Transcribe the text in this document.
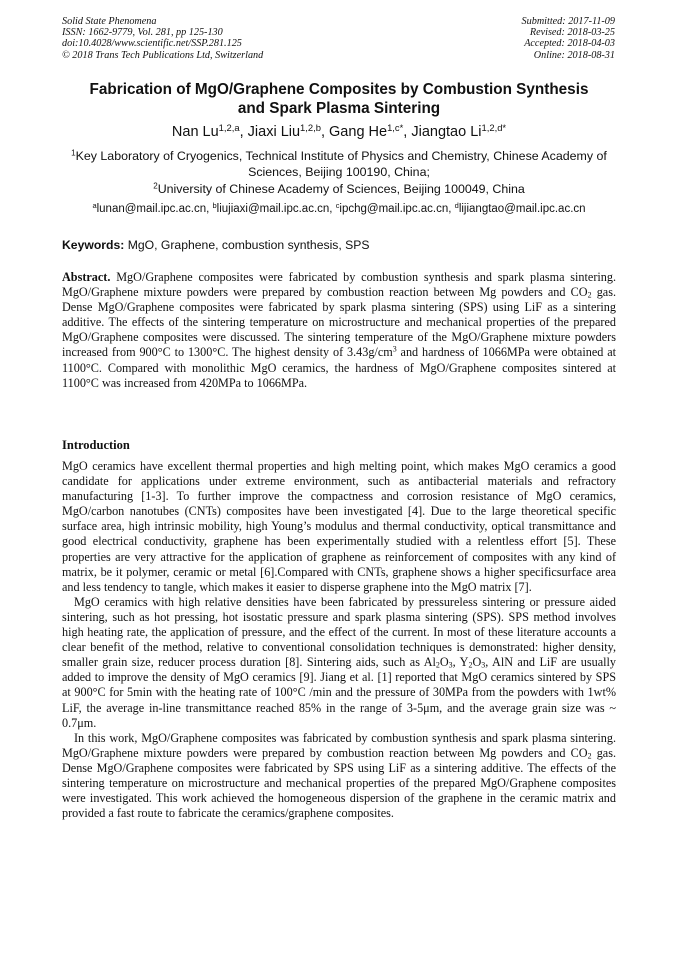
Solid State Phenomena
ISSN: 1662-9779, Vol. 281, pp 125-130
doi:10.4028/www.scientific.net/SSP.281.125
© 2018 Trans Tech Publications Ltd, Switzerland
Submitted: 2017-11-09
Revised: 2018-03-25
Accepted: 2018-04-03
Online: 2018-08-31
Fabrication of MgO/Graphene Composites by Combustion Synthesis
and Spark Plasma Sintering
Nan Lu$^{1,2,a}$, Jiaxi Liu$^{1,2,b}$, Gang $He^{1,c*}$, Jiangtao $Li^{1,2,d*}$
$^1$Key Laboratory of Cryogenics, Technical Institute of Physics and Chemistry, Chinese Academy of Sciences, Beijing 100190, China;
$^2$University of Chinese Academy of Sciences, Beijing 100049, China
$^a$lunan@mail.ipc.ac.cn, $^b$liujiaxi@mail.ipc.ac.cn, $^c$ipchg@mail.ipc.ac.cn, $^d$lijiangtao@mail.ipc.ac.cn
Keywords: MgO, Graphene, combustion synthesis, SPS
Abstract. MgO/Graphene composites were fabricated by combustion synthesis and spark plasma sintering. MgO/Graphene mixture powders were prepared by combustion reaction between Mg powders and $CO_2$ gas. Dense MgO/Graphene composites were fabricated by spark plasma sintering (SPS) using LiF as a sintering additive. The effects of the sintering temperature on microstructure and mechanical properties of the prepared MgO/Graphene composites were discussed. The sintering temperature of the MgO/Graphene mixture powders increased from 900°C to 1300°C. The highest density of $3.43g/cm^3$ and hardness of 1066MPa were obtained at 1100°C. Compared with monolithic MgO ceramics, the hardness of MgO/Graphene composites sintered at 1100°C was increased from 420MPa to 1066MPa.
Introduction

MgO ceramics have excellent thermal properties and high melting point, which makes MgO ceramics a good candidate for applications under extreme environment, such as antibacterial materials and refractory manufacturing [1-3]. To further improve the compactness and corrosion resistance of MgO ceramics, MgO/carbon nanotubes (CNTs) composites have been investigated [4]. Due to the large theoretical specific surface area, high intrinsic mobility, high Young’s modulus and thermal conductivity, optical transmittance and good electrical conductivity, graphene has been experimentally studied with a relentless effort [5]. These properties are very attractive for the application of graphene as reinforcement of composites with any kind of matrix, be it polymer, ceramic or metal [6].Compared with CNTs, graphene shows a higher specificsurface area and less tendency to tangle, which makes it easier to disperse graphene into the MgO matrix [7].

MgO ceramics with high relative densities have been fabricated by pressureless sintering or pressure aided sintering, such as hot pressing, hot isostatic pressure and spark plasma sintering (SPS). SPS method involves high heating rate, the application of pressure, and the effect of the current. In most of these literature accounts a clear benefit of the method, relative to conventional consolidation techniques is demonstrated: higher density, smaller grain size, reducer process duration [8]. Sintering aids, such as $Al_2O_3$, $Y_2O_3$, AlN and LiF are usually added to improve the density of MgO ceramics [9]. Jiang et al. [1] reported that MgO ceramics sintered by SPS at 900°C for 5min with the heating rate of 100°C /min and the pressure of 30MPa from the powders with 1wt% LiF, the average in-line transmittance reached 85% in the range of 3-5μm, and the average grain size was ~ 0.7μm.

In this work, MgO/Graphene composites was fabricated by combustion synthesis and spark plasma sintering. MgO/Graphene mixture powders were prepared by combustion reaction between Mg powders and $CO_2$ gas. Dense MgO/Graphene composites were fabricated by SPS using LiF as a sintering additive. The effects of the sintering temperature on microstructure and mechanical properties of the prepared MgO/Graphene composites were investigated. This work achieved the homogeneous dispersion of the graphene in the ceramic matrix and provided a fast route to fabricate the ceramics/graphene composites.
